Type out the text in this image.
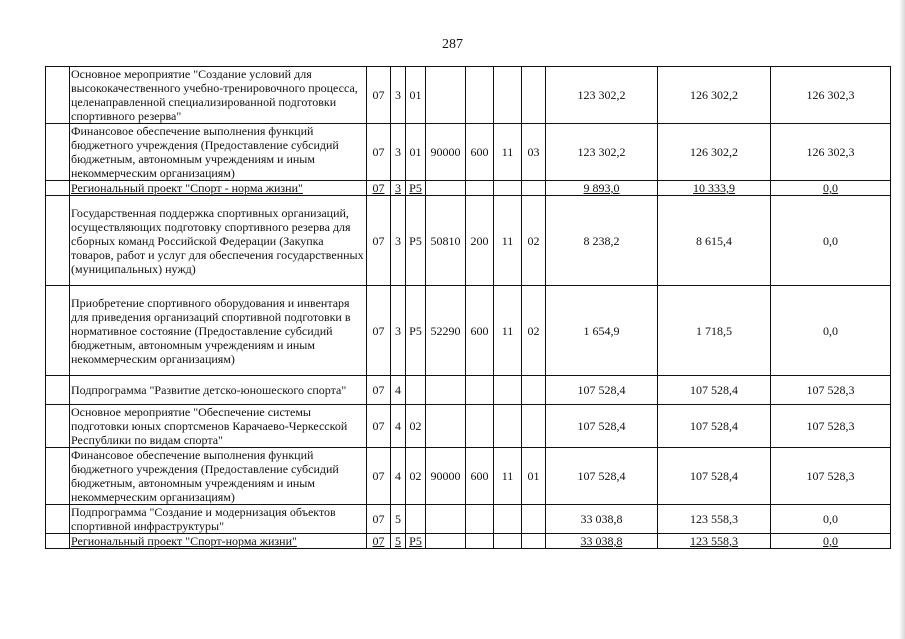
287
	Основное мероприятие "Создание условий для высококачественного учебно-тренировочного процесса, целенаправленной специализированной подготовки спортивного резерва"	07	3	01					123 302,2	126 302,2	126 302,3
	Финансовое обеспечение выполнения функций бюджетного учреждения (Предоставление субсидий бюджетным, автономным учреждениям и иным некоммерческим организациям)	07	3	01	90000	600	11	03	123 302,2	126 302,2	126 302,3
	Региональный проект "Спорт - норма жизни"	07	3	P5					9 893,0	10 333,9	0,0
	Государственная поддержка спортивных организаций, осуществляющих подготовку спортивного резерва для сборных команд Российской Федерации (Закупка товаров, работ и услуг для обеспечения государственных (муниципальных) нужд)	07	3	P5	50810	200	11	02	8 238,2	8 615,4	0,0
	Приобретение спортивного оборудования и инвентаря для приведения организаций спортивной подготовки в нормативное состояние (Предоставление субсидий бюджетным, автономным учреждениям и иным некоммерческим организациям)	07	3	P5	52290	600	11	02	1 654,9	1 718,5	0,0
	Подпрограмма "Развитие детско-юношеского спорта"	07	4						107 528,4	107 528,4	107 528,3
	Основное мероприятие "Обеспечение системы подготовки юных спортсменов Карачаево-Черкесской Республики по видам спорта"	07	4	02					107 528,4	107 528,4	107 528,3
	Финансовое обеспечение выполнения функций бюджетного учреждения (Предоставление субсидий бюджетным, автономным учреждениям и иным некоммерческим организациям)	07	4	02	90000	600	11	01	107 528,4	107 528,4	107 528,3
	Подпрограмма "Создание и модернизация объектов спортивной инфраструктуры"	07	5						33 038,8	123 558,3	0,0
	Региональный проект "Спорт-норма жизни"	07	5	P5					33 038,8	123 558,3	0,0
